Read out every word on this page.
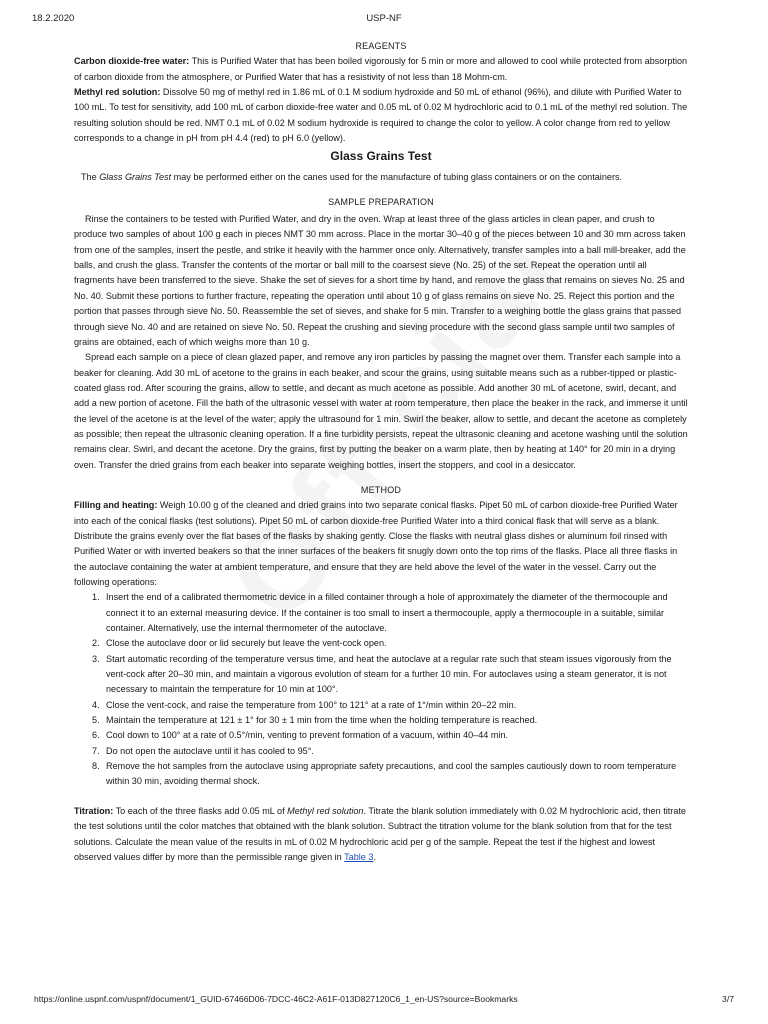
18.2.2020	USP-NF

REAGENTS

Carbon dioxide-free water: This is Purified Water that has been boiled vigorously for 5 min or more and allowed to cool while protected from absorption of carbon dioxide from the atmosphere, or Purified Water that has a resistivity of not less than 18 Mohm-cm.

Methyl red solution: Dissolve 50 mg of methyl red in 1.86 mL of 0.1 M sodium hydroxide and 50 mL of ethanol (96%), and dilute with Purified Water to 100 mL. To test for sensitivity, add 100 mL of carbon dioxide-free water and 0.05 mL of 0.02 M hydrochloric acid to 0.1 mL of the methyl red solution. The resulting solution should be red. NMT 0.1 mL of 0.02 M sodium hydroxide is required to change the color to yellow. A color change from red to yellow corresponds to a change in pH from pH 4.4 (red) to pH 6.0 (yellow).

Glass Grains Test

The Glass Grains Test may be performed either on the canes used for the manufacture of tubing glass containers or on the containers.

SAMPLE PREPARATION

Rinse the containers to be tested with Purified Water, and dry in the oven. Wrap at least three of the glass articles in clean paper, and crush to produce two samples of about 100 g each in pieces NMT 30 mm across. Place in the mortar 30–40 g of the pieces between 10 and 30 mm across taken from one of the samples, insert the pestle, and strike it heavily with the hammer once only. Alternatively, transfer samples into a ball mill-breaker, add the balls, and crush the glass. Transfer the contents of the mortar or ball mill to the coarsest sieve (No. 25) of the set. Repeat the operation until all fragments have been transferred to the sieve. Shake the set of sieves for a short time by hand, and remove the glass that remains on sieves No. 25 and No. 40. Submit these portions to further fracture, repeating the operation until about 10 g of glass remains on sieve No. 25. Reject this portion and the portion that passes through sieve No. 50. Reassemble the set of sieves, and shake for 5 min. Transfer to a weighing bottle the glass grains that passed through sieve No. 40 and are retained on sieve No. 50. Repeat the crushing and sieving procedure with the second glass sample until two samples of grains are obtained, each of which weighs more than 10 g.

Spread each sample on a piece of clean glazed paper, and remove any iron particles by passing the magnet over them. Transfer each sample into a beaker for cleaning. Add 30 mL of acetone to the grains in each beaker, and scour the grains, using suitable means such as a rubber-tipped or plastic-coated glass rod. After scouring the grains, allow to settle, and decant as much acetone as possible. Add another 30 mL of acetone, swirl, decant, and add a new portion of acetone. Fill the bath of the ultrasonic vessel with water at room temperature, then place the beaker in the rack, and immerse it until the level of the acetone is at the level of the water; apply the ultrasound for 1 min. Swirl the beaker, allow to settle, and decant the acetone as completely as possible; then repeat the ultrasonic cleaning operation. If a fine turbidity persists, repeat the ultrasonic cleaning and acetone washing until the solution remains clear. Swirl, and decant the acetone. Dry the grains, first by putting the beaker on a warm plate, then by heating at 140° for 20 min in a drying oven. Transfer the dried grains from each beaker into separate weighing bottles, insert the stoppers, and cool in a desiccator.

METHOD

Filling and heating: Weigh 10.00 g of the cleaned and dried grains into two separate conical flasks. Pipet 50 mL of carbon dioxide-free Purified Water into each of the conical flasks (test solutions). Pipet 50 mL of carbon dioxide-free Purified Water into a third conical flask that will serve as a blank. Distribute the grains evenly over the flat bases of the flasks by shaking gently. Close the flasks with neutral glass dishes or aluminum foil rinsed with Purified Water or with inverted beakers so that the inner surfaces of the beakers fit snugly down onto the top rims of the flasks. Place all three flasks in the autoclave containing the water at ambient temperature, and ensure that they are held above the level of the water in the vessel. Carry out the following operations:

Insert the end of a calibrated thermometric device in a filled container through a hole of approximately the diameter of the thermocouple and connect it to an external measuring device. If the container is too small to insert a thermocouple, apply a thermocouple in a suitable, similar container. Alternatively, use the internal thermometer of the autoclave.
Close the autoclave door or lid securely but leave the vent-cock open.
Start automatic recording of the temperature versus time, and heat the autoclave at a regular rate such that steam issues vigorously from the vent-cock after 20–30 min, and maintain a vigorous evolution of steam for a further 10 min. For autoclaves using a steam generator, it is not necessary to maintain the temperature for 10 min at 100°.
Close the vent-cock, and raise the temperature from 100° to 121° at a rate of 1°/min within 20–22 min.
Maintain the temperature at 121 ± 1° for 30 ± 1 min from the time when the holding temperature is reached.
Cool down to 100° at a rate of 0.5°/min, venting to prevent formation of a vacuum, within 40–44 min.
Do not open the autoclave until it has cooled to 95°.
Remove the hot samples from the autoclave using appropriate safety precautions, and cool the samples cautiously down to room temperature within 30 min, avoiding thermal shock.

Titration: To each of the three flasks add 0.05 mL of Methyl red solution. Titrate the blank solution immediately with 0.02 M hydrochloric acid, then titrate the test solutions until the color matches that obtained with the blank solution. Subtract the titration volume for the blank solution from that for the test solutions. Calculate the mean value of the results in mL of 0.02 M hydrochloric acid per g of the sample. Repeat the test if the highest and lowest observed values differ by more than the permissible range given in Table 3.

https://online.uspnf.com/uspnf/document/1_GUID-67466D06-7DCC-46C2-A61F-013D827120C6_1_en-US?source=Bookmarks	3/7
